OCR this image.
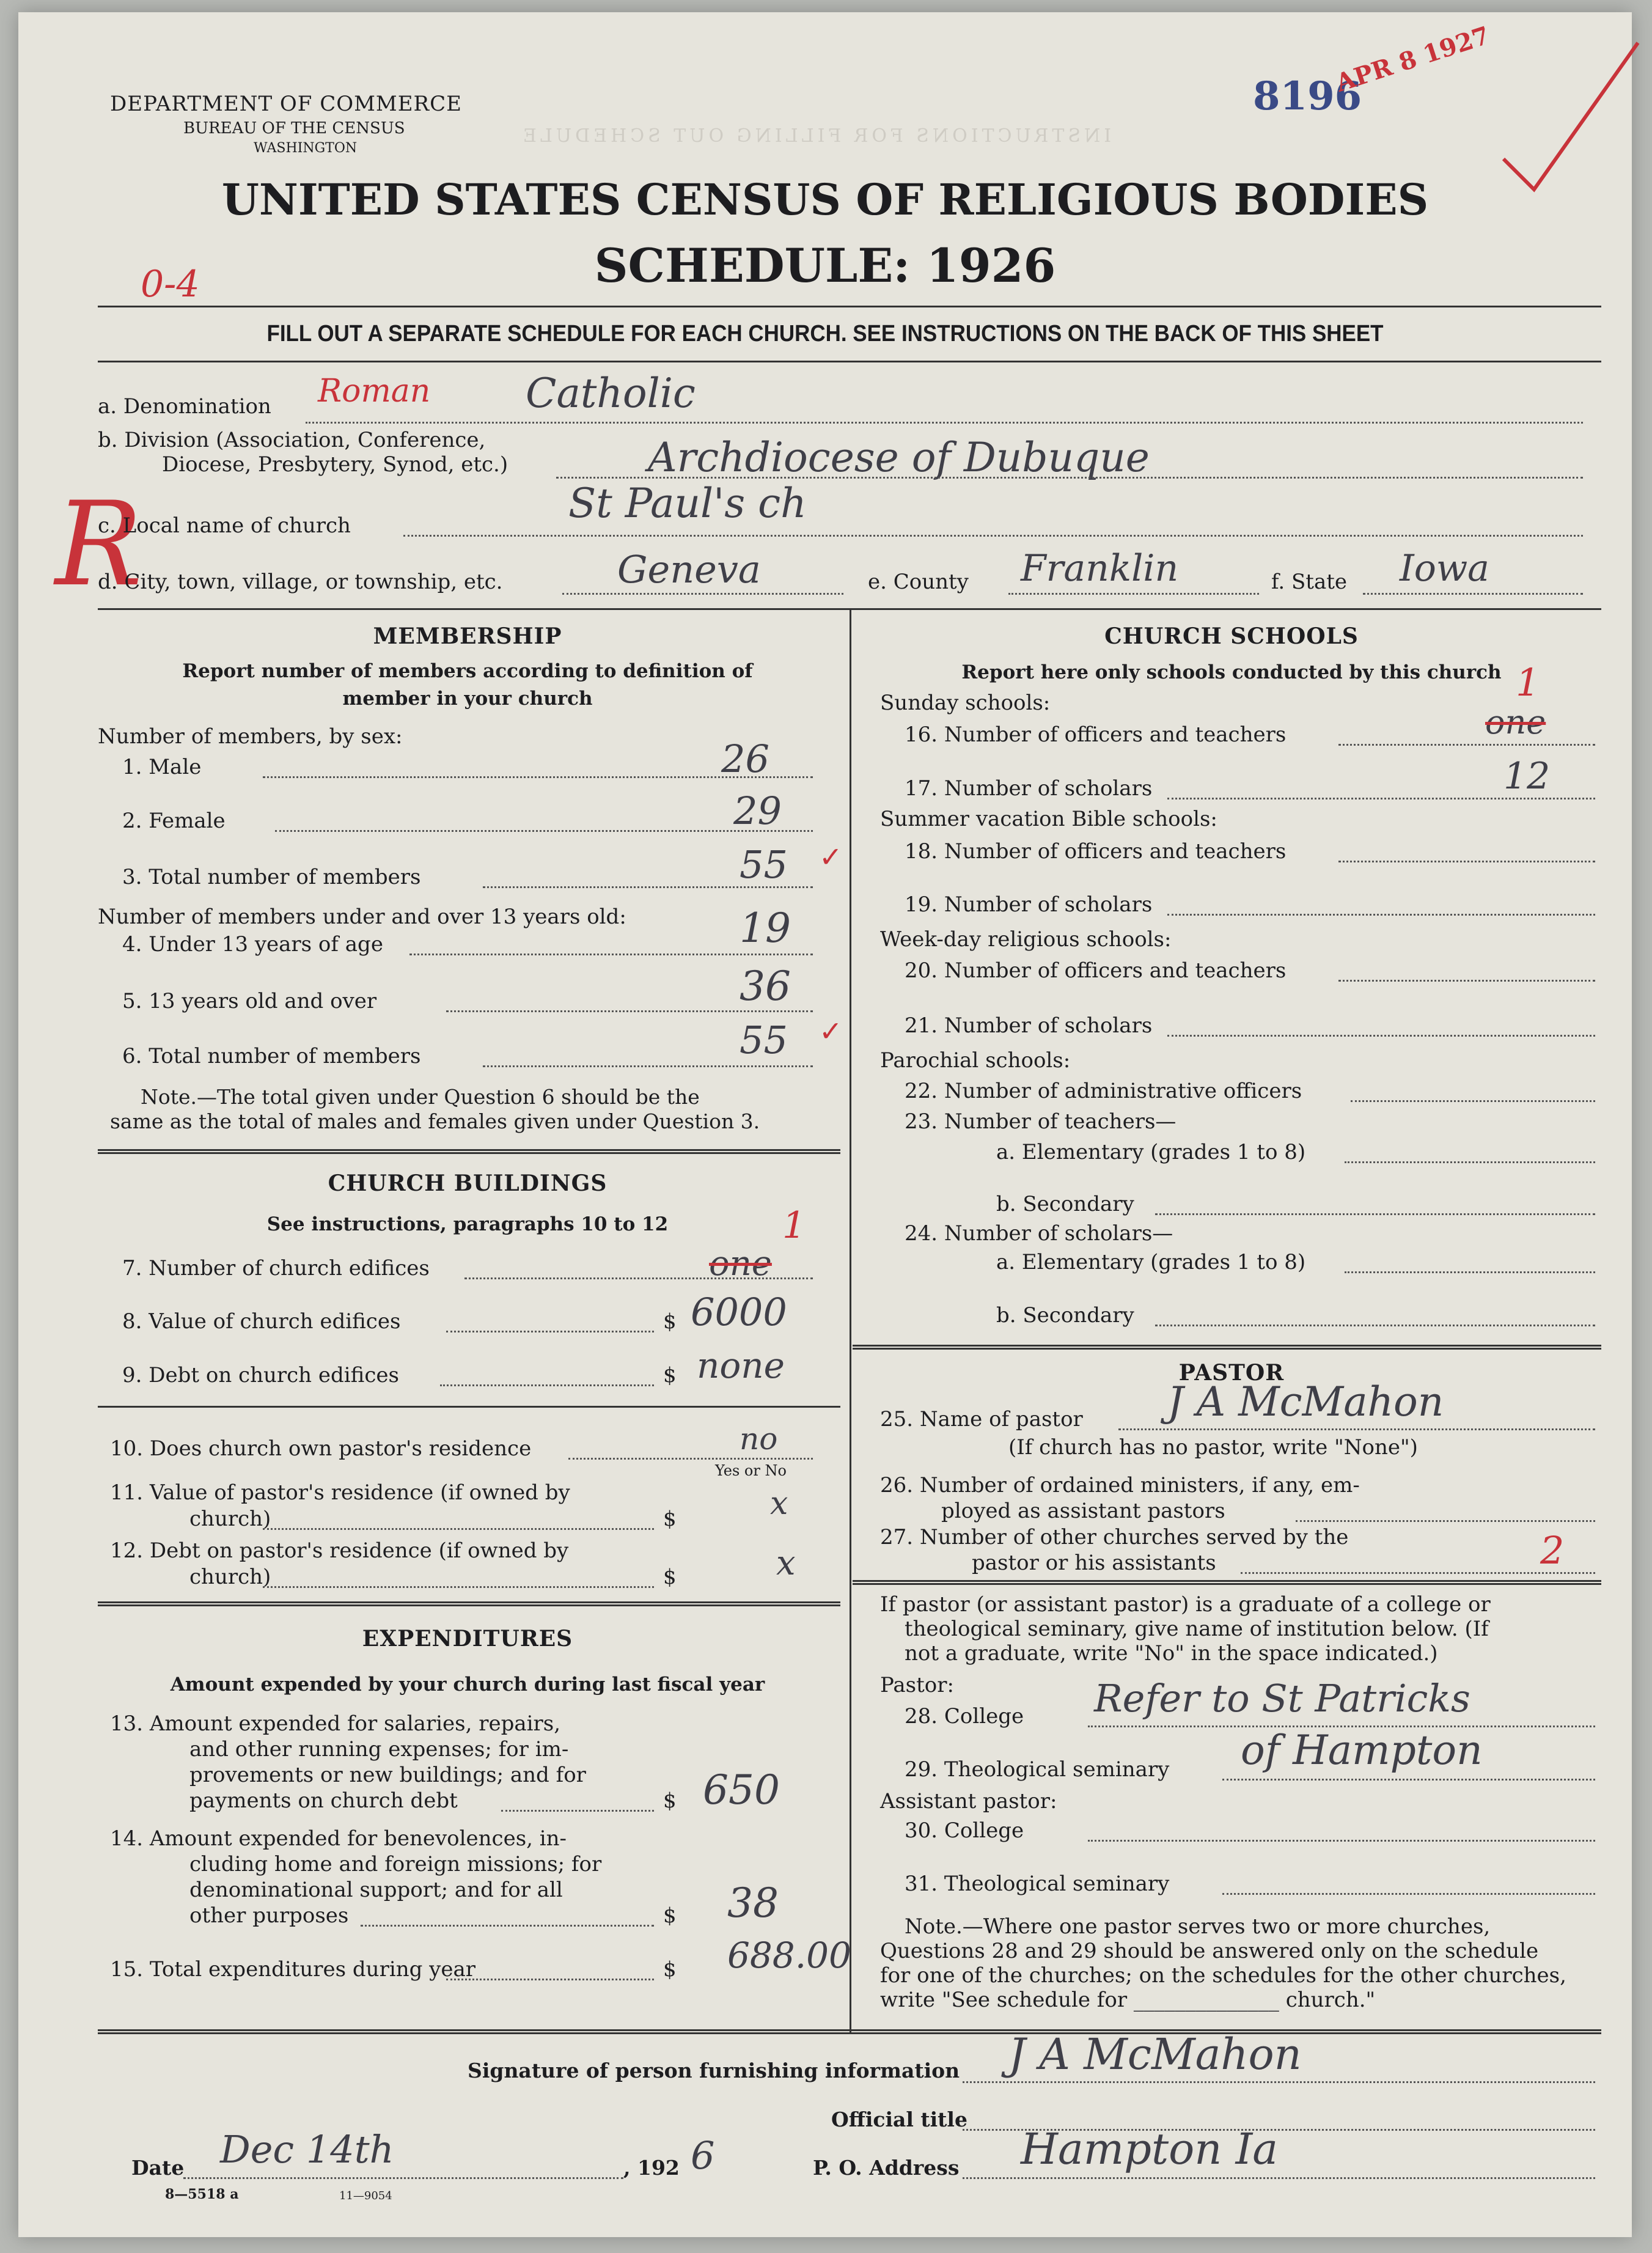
INSTRUCTIONS FOR FILLING OUT SCHEDULE
DEPARTMENT OF COMMERCE
BUREAU OF THE CENSUS
WASHINGTON
8196
APR 8 1927
UNITED STATES CENSUS OF RELIGIOUS BODIES
SCHEDULE: 1926
0-4
FILL OUT A SEPARATE SCHEDULE FOR EACH CHURCH. SEE INSTRUCTIONS ON THE BACK OF THIS SHEET
a. Denomination Roman Catholic
b. Division (Association, Conference,
Diocese, Presbytery, Synod, etc.)	Archdiocese of Dubuque
R
c. Local name of church	St Paul's ch
d. City, town, village, or township, etc.	Geneva	e. County Franklin	f. State Iowa
MEMBERSHIP
Report number of members according to definition of
member in your church
Number of members, by sex:
1. Male	26
2. Female	29
3. Total number of members	55 ✓
Number of members under and over 13 years old:
4. Under 13 years of age	19
5. 13 years old and over	36
6. Total number of members	55 ✓
Note.—The total given under Question 6 should be the
same as the total of males and females given under Question 3.
CHURCH BUILDINGS
See instructions, paragraphs 10 to 12
7. Number of church edifices	one
1
8. Value of church edifices	$ 6000
9. Debt on church edifices	$ none
10. Does church own pastor's residence	no
Yes or No
11. Value of pastor's residence (if owned by
church)	$	x
12. Debt on pastor's residence (if owned by
church)	$	x
EXPENDITURES
Amount expended by your church during last fiscal year
13. Amount expended for salaries, repairs,
and other running expenses; for im-
provements or new buildings; and for
payments on church debt	$ 650
14. Amount expended for benevolences, in-
cluding home and foreign missions; for
denominational support; and for all
other purposes	$ 38
15. Total expenditures during year	$ 688.00
CHURCH SCHOOLS
Report here only schools conducted by this church
Sunday schools:
16. Number of officers and teachers	one
1
17. Number of scholars	12
Summer vacation Bible schools:
18. Number of officers and teachers
19. Number of scholars
Week-day religious schools:
20. Number of officers and teachers
21. Number of scholars
Parochial schools:
22. Number of administrative officers
23. Number of teachers—
a. Elementary (grades 1 to 8)
b. Secondary
24. Number of scholars—
a. Elementary (grades 1 to 8)
b. Secondary
PASTOR
25. Name of pastor J A McMahon
(If church has no pastor, write "None")
26. Number of ordained ministers, if any, em-
ployed as assistant pastors
27. Number of other churches served by the
pastor or his assistants	2
If pastor (or assistant pastor) is a graduate of a college or
theological seminary, give name of institution below. (If
not a graduate, write "No" in the space indicated.)
Pastor:
28. College Refer to St Patricks
29. Theological seminary of Hampton
Assistant pastor:
30. College
31. Theological seminary
Note.—Where one pastor serves two or more churches,
Questions 28 and 29 should be answered only on the schedule
for one of the churches; on the schedules for the other churches,
write "See schedule for ______________ church."
Signature of person furnishing information J A McMahon
Official title
Date Dec 14th	, 192 6	P. O. Address Hampton Ia
8—5518 a	11—9054
